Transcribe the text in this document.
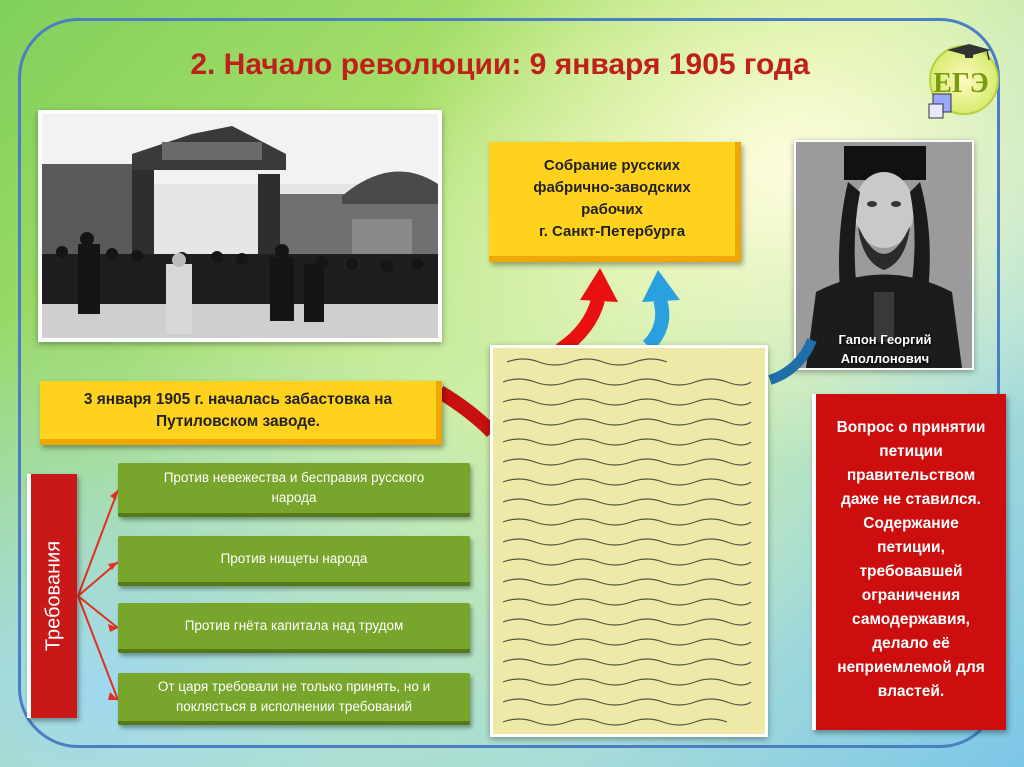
2. Начало революции: 9 января 1905 года
ЕГЭ
Собрание русских
фабрично-заводских
рабочих
г. Санкт-Петербурга
Гапон Георгий
Аполлонович
3 января 1905 г. началась забастовка на
Путиловском заводе.
Требования
Против невежества и бесправия русского
народа
Против нищеты народа
Против гнёта капитала над трудом
От царя требовали не только принять, но и
поклясться в исполнении требований
Вопрос о принятии
петиции
правительством
даже не ставился.
Содержание
петиции,
требовавшей
ограничения
самодержавия,
делало её
неприемлемой для
властей.
